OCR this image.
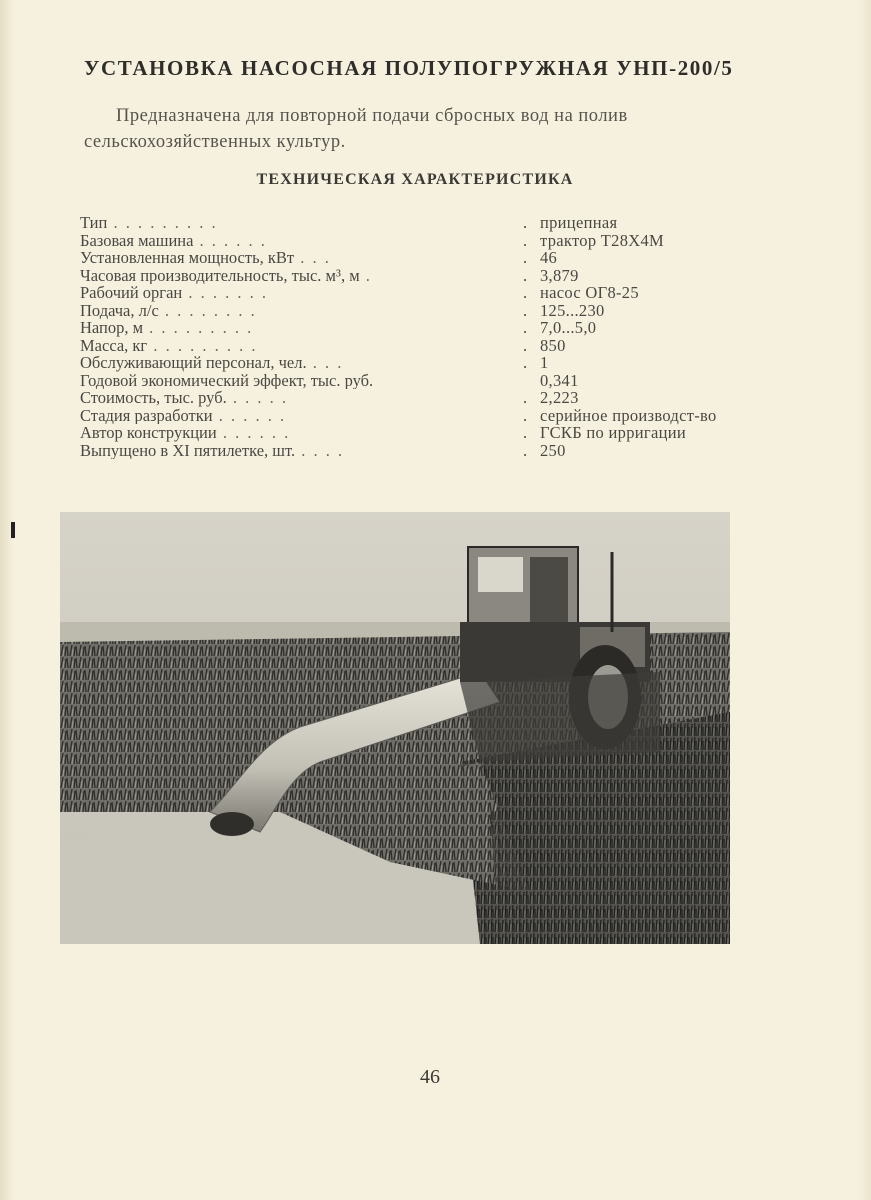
УСТАНОВКА НАСОСНАЯ ПОЛУПОГРУЖНАЯ УНП-200/5
Предназначена для повторной подачи сбросных вод на полив сельскохозяйственных культур.
ТЕХНИЧЕСКАЯ ХАРАКТЕРИСТИКА
Тип . . . . . . . . .	. прицепная
Базовая машина . . . . . .	. трактор Т28Х4М
Установленная мощность, кВт . . .	. 46
Часовая производительность, тыс. м³, м .	. 3,879
Рабочий орган . . . . . . .	. насос ОГ8-25
Подача, л/с . . . . . . . .	. 125...230
Напор, м . . . . . . . . .	. 7,0...5,0
Масса, кг . . . . . . . . .	. 850
Обслуживающий персонал, чел. . . .	. 1
Годовой экономический эффект, тыс. руб.	0,341
Стоимость, тыс. руб. . . . . .	. 2,223
Стадия разработки . . . . . .	. серийное производст-во
Автор конструкции . . . . . .	. ГСКБ по ирригации
Выпущено в XI пятилетке, шт. . . . .	. 250
46
